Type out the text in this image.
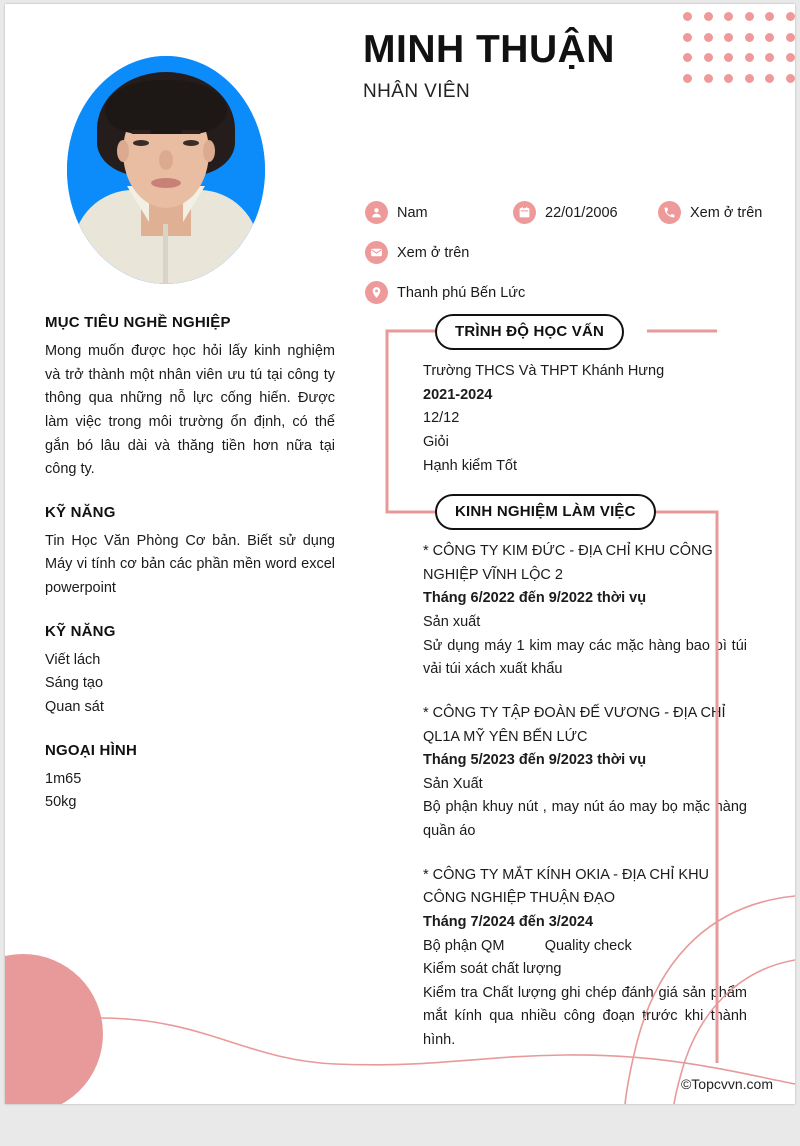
MINH THUẬN
NHÂN VIÊN
Nam	22/01/2006	Xem ở trên
Xem ở trên
Thanh phú Bến Lức
MỤC TIÊU NGHỀ NGHIỆP
Mong muốn được học hỏi lấy kinh nghiệm và trở thành một nhân viên ưu tú tại công ty thông qua những nỗ lực cống hiến. Được làm việc trong môi trường ổn định, có thể gắn bó lâu dài và thăng tiền hơn nữa tại công ty.
KỸ NĂNG
Tin Học Văn Phòng Cơ bản. Biết sử dụng Máy vi tính cơ bản các phần mền word excel powerpoint
KỸ NĂNG
Viết lách
Sáng tạo
Quan sát
NGOẠI HÌNH
1m65
50kg
TRÌNH ĐỘ HỌC VẤN
Trường THCS Và THPT Khánh Hưng
2021-2024
12/12
Giỏi
Hạnh kiểm Tốt
KINH NGHIỆM LÀM VIỆC
* CÔNG TY KIM ĐỨC - ĐỊA CHỈ KHU CÔNG NGHIỆP VĨNH LỘC 2
Tháng 6/2022 đến 9/2022 thời vụ
Sản xuất
Sử dụng máy 1 kim may các mặc hàng bao bì túi vải túi xách xuất khẩu
* CÔNG TY TẬP ĐOÀN ĐẾ VƯƠNG - ĐỊA CHỈ QL1A MỸ YÊN BẾN LỨC
Tháng 5/2023 đến 9/2023 thời vụ
Sản Xuất
Bộ phận khuy nút , may nút áo may bọ mặc hàng quần áo
* CÔNG TY MẮT KÍNH OKIA - ĐỊA CHỈ KHU CÔNG NGHIỆP THUẬN ĐẠO
Tháng 7/2024 đến 3/2024
Bộ phận QM          Quality check
Kiểm soát chất lượng
Kiểm tra Chất lượng ghi chép đánh giá sản phẩm mắt kính qua nhiều công đoạn trước khi thành hình.
©Topcvvn.com
